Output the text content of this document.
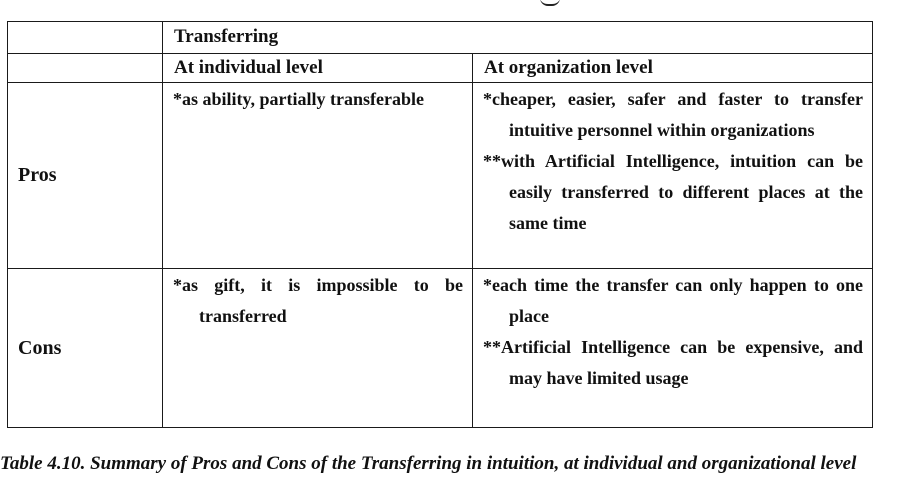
	Transferring	
	At individual level	At organization level
Pros	*as ability, partially transferable	*cheaper, easier, safer and faster to transfer intuitive personnel within organizations

**with Artificial Intelligence, intuition can be easily transferred to different places at the same time

Cons	*as gift, it is impossible to be transferred	*each time the transfer can only happen to one place

**Artificial Intelligence can be expensive, and may have limited usage

Table 4.10. Summary of Pros and Cons of the Transferring in intuition, at individual and organizational level
